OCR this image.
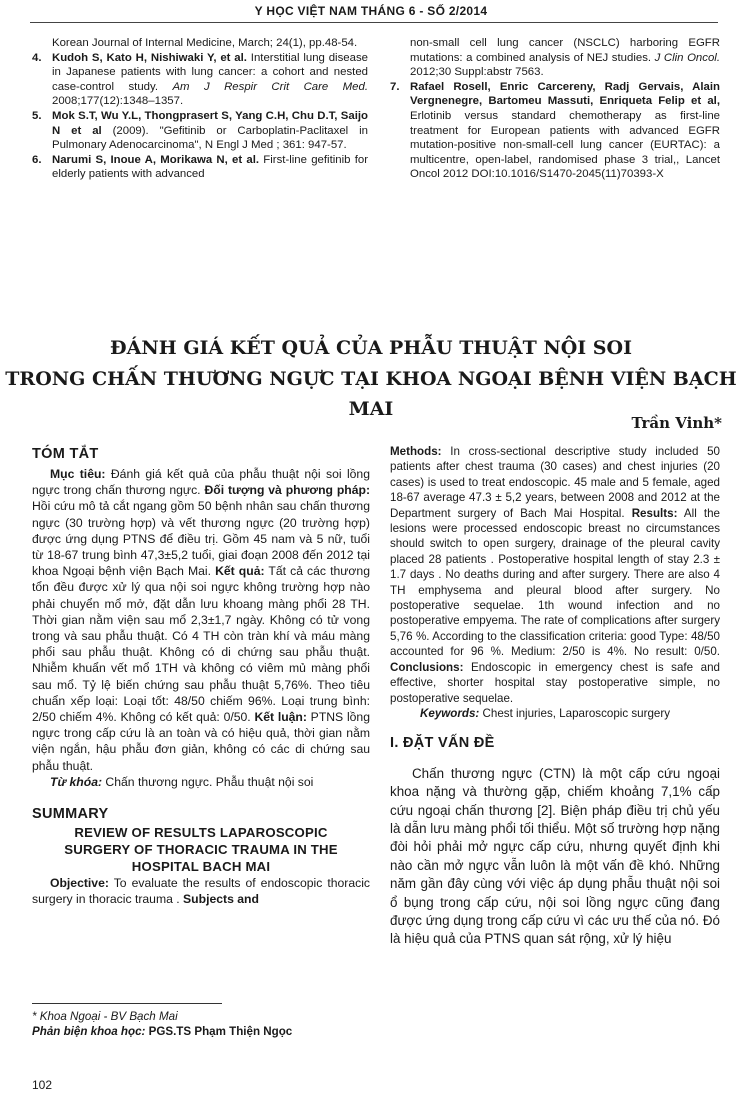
Y HỌC VIỆT NAM THÁNG 6 - SỐ 2/2014

Korean Journal of Internal Medicine, March; 24(1), pp.48-54.

4. Kudoh S, Kato H, Nishiwaki Y, et al. Interstitial lung disease in Japanese patients with lung cancer: a cohort and nested case-control study. Am J Respir Crit Care Med. 2008;177(12):1348–1357.

5. Mok S.T, Wu Y.L, Thongprasert S, Yang C.H, Chu D.T, Saijo N et al (2009). "Gefitinib or Carboplatin-Paclitaxel in Pulmonary Adenocarcinoma", N Engl J Med ; 361: 947-57.

6. Narumi S, Inoue A, Morikawa N, et al. First-line gefitinib for elderly patients with advanced

non-small cell lung cancer (NSCLC) harboring EGFR mutations: a combined analysis of NEJ studies. J Clin Oncol. 2012;30 Suppl:abstr 7563.

7. Rafael Rosell, Enric Carcereny, Radj Gervais, Alain Vergnenegre, Bartomeu Massuti, Enriqueta Felip et al, Erlotinib versus standard chemotherapy as first-line treatment for European patients with advanced EGFR mutation-positive non-small-cell lung cancer (EURTAC): a multicentre, open-label, randomised phase 3 trial,, Lancet Oncol 2012 DOI:10.1016/S1470-2045(11)70393-X

ĐÁNH GIÁ KẾT QUẢ CỦA PHẪU THUẬT NỘI SOI
TRONG CHẤN THƯƠNG NGỰC TẠI KHOA NGOẠI BỆNH VIỆN BẠCH MAI
Trần Vinh*
TÓM TẮT

Mục tiêu: Đánh giá kết quả của phẫu thuật nội soi lồng ngực trong chấn thương ngực. Đối tượng và phương pháp: Hồi cứu mô tả cắt ngang gồm 50 bệnh nhân sau chấn thương ngực (30 trường hợp) và vết thương ngực (20 trường hợp) được ứng dụng PTNS để điều trị. Gồm 45 nam và 5 nữ, tuổi từ 18-67 trung bình 47,3±5,2 tuổi, giai đoạn 2008 đến 2012 tại khoa Ngoại bệnh viện Bạch Mai. Kết quả: Tất cả các thương tổn đều được xử lý qua nội soi ngực không trường hợp nào phải chuyển mổ mở, đặt dẫn lưu khoang màng phổi 28 TH. Thời gian nằm viện sau mổ 2,3±1,7 ngày. Không có tử vong trong và sau phẫu thuật. Có 4 TH còn tràn khí và máu màng phổi sau phẫu thuật. Không có di chứng sau phẫu thuật. Nhiễm khuẩn vết mổ 1TH và không có viêm mủ màng phổi sau mổ. Tỷ lệ biến chứng sau phẫu thuật 5,76%. Theo tiêu chuẩn xếp loại: Loại tốt: 48/50 chiếm 96%. Loại trung bình: 2/50 chiếm 4%. Không có kết quả: 0/50. Kết luận: PTNS lồng ngực trong cấp cứu là an toàn và có hiệu quả, thời gian nằm viện ngắn, hậu phẫu đơn giản, không có các di chứng sau phẫu thuật.

Từ khóa: Chấn thương ngực. Phẫu thuật nội soi

SUMMARY
REVIEW OF RESULTS LAPAROSCOPIC
SURGERY OF THORACIC TRAUMA IN THE
HOSPITAL BACH MAI

Objective: To evaluate the results of endoscopic thoracic surgery in thoracic trauma . Subjects and

Methods: In cross-sectional descriptive study included 50 patients after chest trauma (30 cases) and chest injuries (20 cases) is used to treat endoscopic. 45 male and 5 female, aged 18-67 average 47.3 ± 5,2 years, between 2008 and 2012 at the Department surgery of Bach Mai Hospital. Results: All the lesions were processed endoscopic breast no circumstances should switch to open surgery, drainage of the pleural cavity placed 28 patients . Postoperative hospital length of stay 2.3 ± 1.7 days . No deaths during and after surgery. There are also 4 TH emphysema and pleural blood after surgery. No postoperative sequelae. 1th wound infection and no postoperative empyema. The rate of complications after surgery 5,76 %. According to the classification criteria: good Type: 48/50 accounted for 96 %. Medium: 2/50 is 4%. No result: 0/50. Conclusions: Endoscopic in emergency chest is safe and effective, shorter hospital stay postoperative simple, no postoperative sequelae.

Keywords: Chest injuries, Laparoscopic surgery

I. ĐẶT VẤN ĐỀ

Chấn thương ngực (CTN) là một cấp cứu ngoại khoa nặng và thường gặp, chiếm khoảng 7,1% cấp cứu ngoại chấn thương [2]. Biện pháp điều trị chủ yếu là dẫn lưu màng phổi tối thiểu. Một số trường hợp nặng đòi hỏi phải mở ngực cấp cứu, nhưng quyết định khi nào cần mở ngực vẫn luôn là một vấn đề khó. Những năm gần đây cùng với việc áp dụng phẫu thuật nội soi ổ bụng trong cấp cứu, nội soi lồng ngực cũng đang được ứng dụng trong cấp cứu vì các ưu thế của nó. Đó là hiệu quả của PTNS quan sát rộng, xử lý hiệu

* Khoa Ngoại - BV Bạch Mai
Phản biện khoa học: PGS.TS Phạm Thiện Ngọc
102
